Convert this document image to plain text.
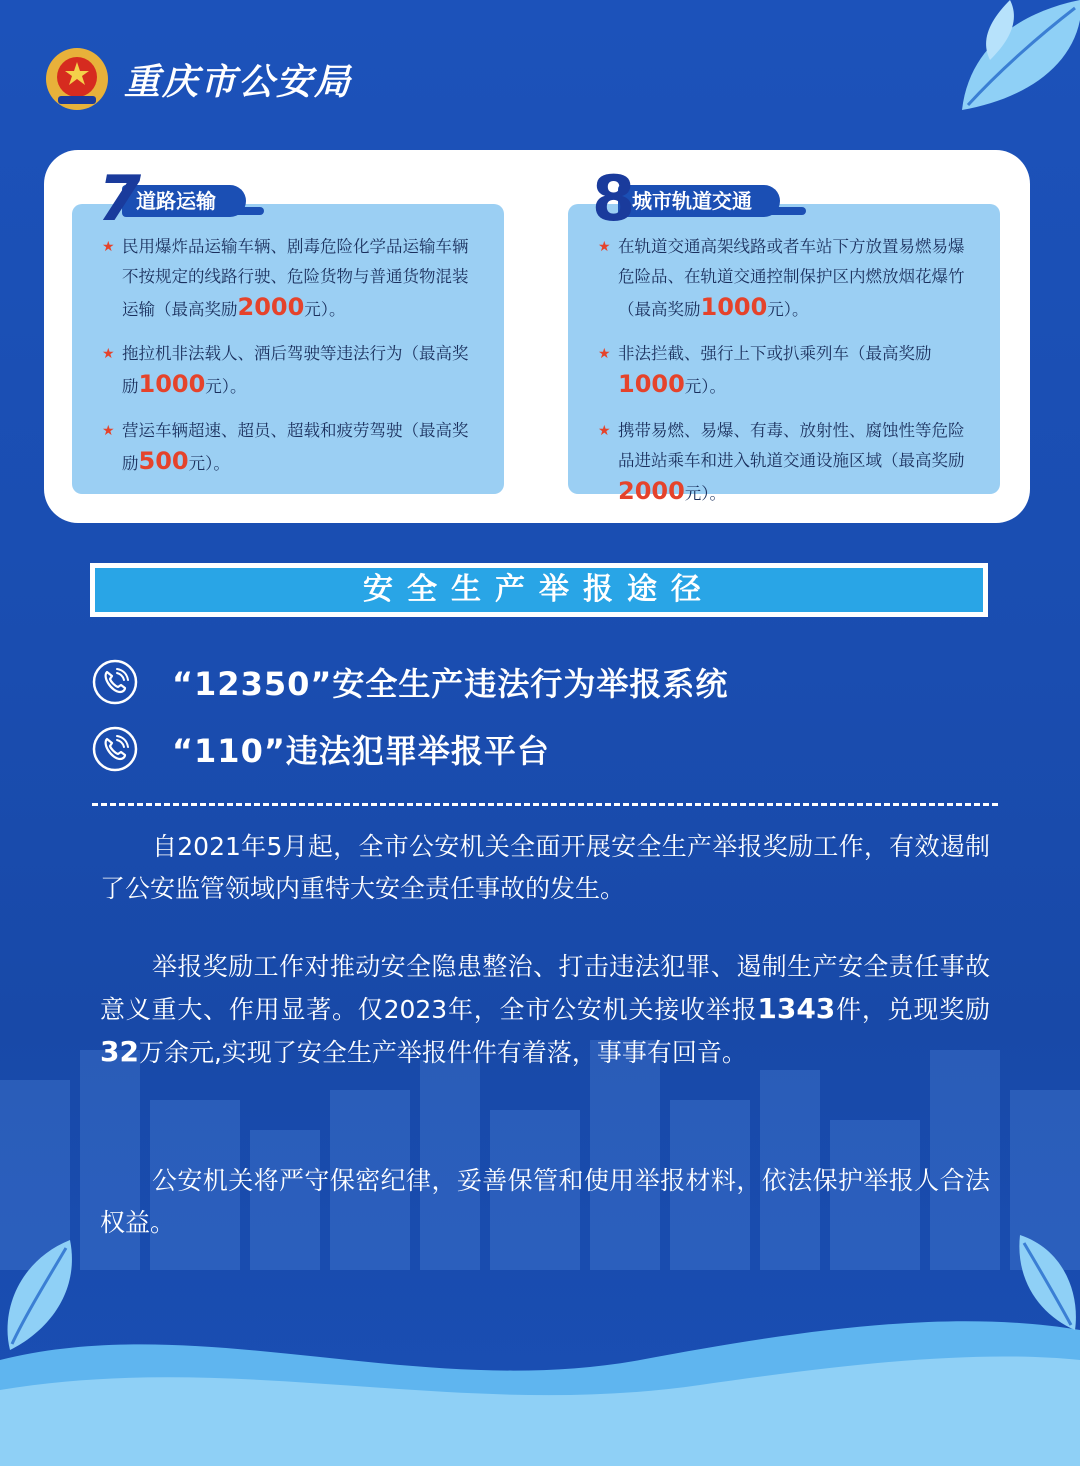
重庆市公安局
★ 民用爆炸品运输车辆、剧毒危险化学品运输车辆不按规定的线路行驶、危险货物与普通货物混装运输（最高奖励2000元）。
★ 拖拉机非法载人、酒后驾驶等违法行为（最高奖励1000元）。
★ 营运车辆超速、超员、超载和疲劳驾驶（最高奖励500元）。
★ 在轨道交通高架线路或者车站下方放置易燃易爆危险品、在轨道交通控制保护区内燃放烟花爆竹（最高奖励1000元）。
★ 非法拦截、强行上下或扒乘列车（最高奖励1000元）。
★ 携带易燃、易爆、有毒、放射性、腐蚀性等危险品进站乘车和进入轨道交通设施区域（最高奖励2000元）。
道路运输
7	城市轨道交通
8
安全生产举报途径
“12350”安全生产违法行为举报系统
“110”违法犯罪举报平台
自2021年5月起，全市公安机关全面开展安全生产举报奖励工作，有效遏制了公安监管领域内重特大安全责任事故的发生。
举报奖励工作对推动安全隐患整治、打击违法犯罪、遏制生产安全责任事故意义重大、作用显著。仅2023年，全市公安机关接收举报1343件，兑现奖励32万余元,实现了安全生产举报件件有着落，事事有回音。
公安机关将严守保密纪律，妥善保管和使用举报材料，依法保护举报人合法权益。
